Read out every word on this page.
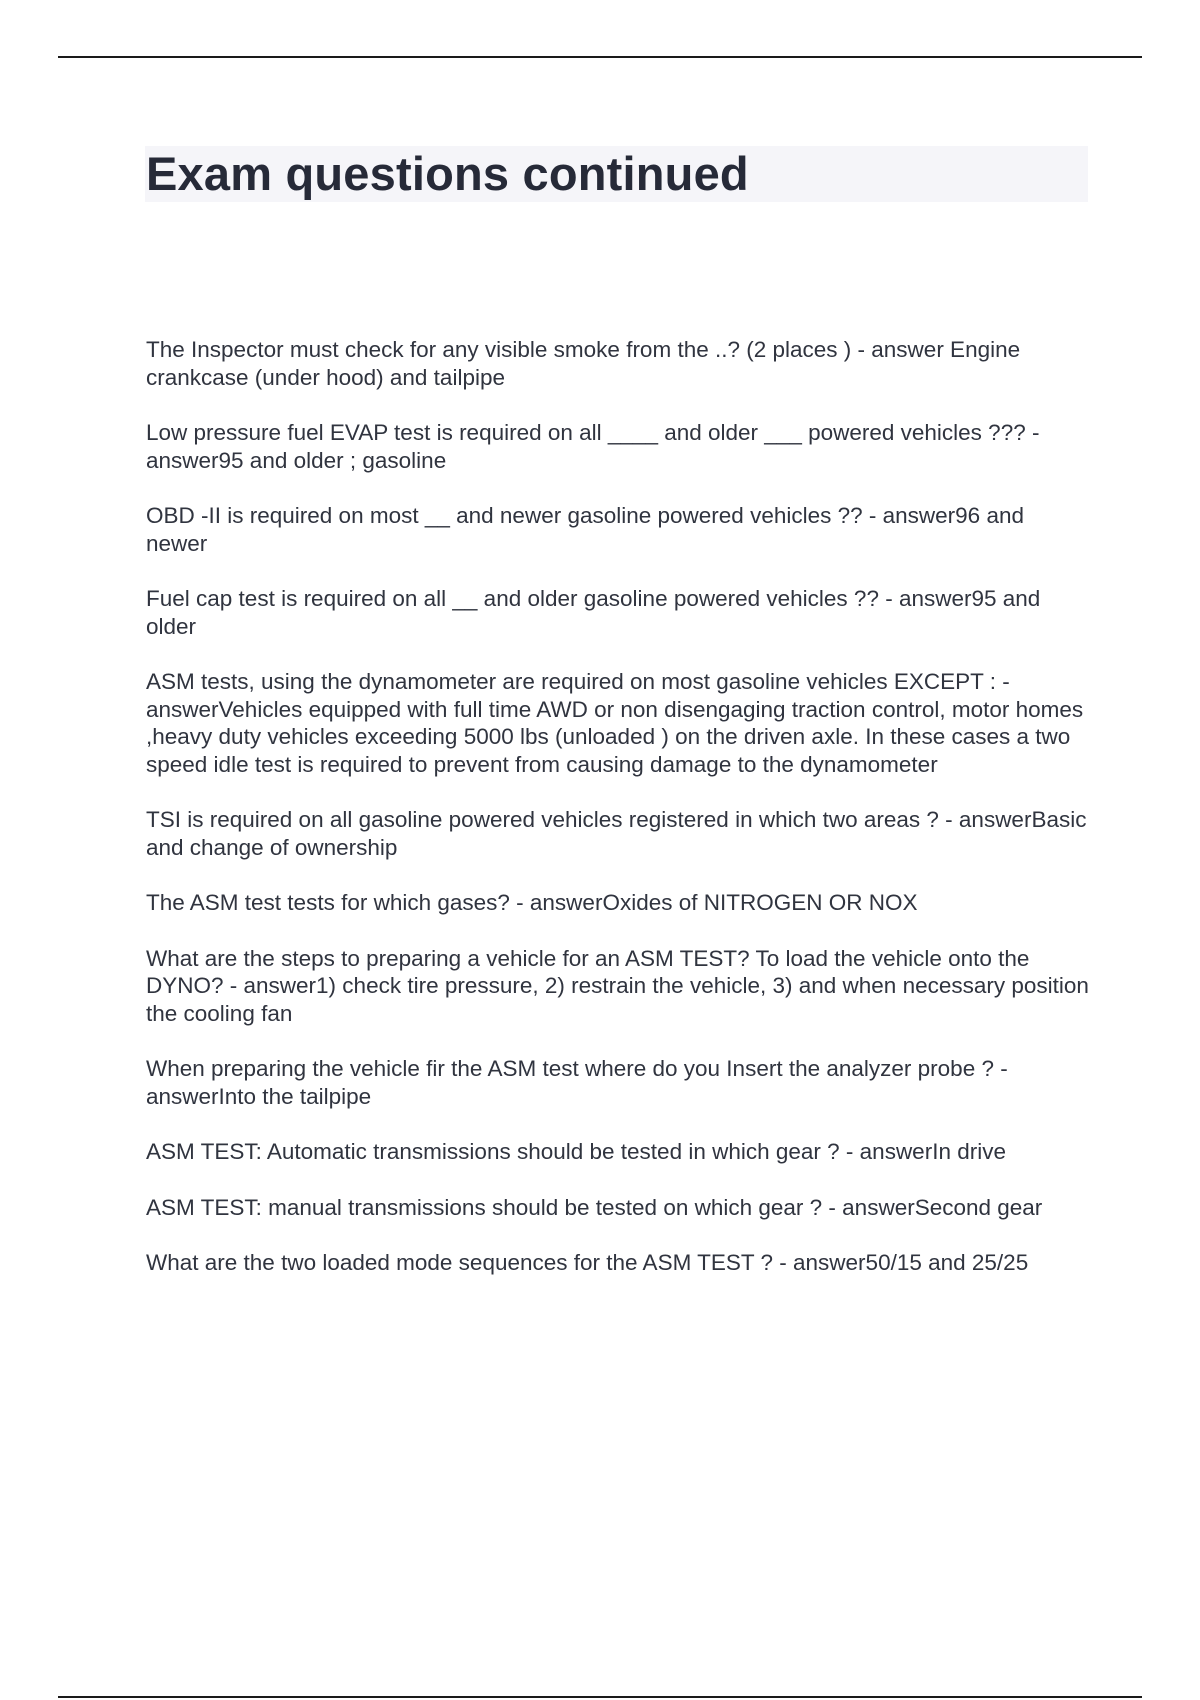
Exam questions continued
The Inspector must check for any visible smoke from the ..? (2 places ) - answer Engine crankcase (under hood) and tailpipe
Low pressure fuel EVAP test is required on all ____ and older ___ powered vehicles ??? - answer95 and older ; gasoline
OBD -II is required on most __ and newer gasoline powered vehicles ?? - answer96 and newer
Fuel cap test is required on all __ and older gasoline powered vehicles ?? - answer95 and older
ASM tests, using the dynamometer are required on most gasoline vehicles EXCEPT : - answerVehicles equipped with full time AWD or non disengaging traction control, motor homes ,heavy duty vehicles exceeding 5000 lbs (unloaded ) on the driven axle. In these cases a two speed idle test is required to prevent from causing damage to the dynamometer
TSI is required on all gasoline powered vehicles registered in which two areas ? - answerBasic and change of ownership
The ASM test tests for which gases? - answerOxides of NITROGEN OR NOX
What are the steps to preparing a vehicle for an ASM TEST? To load the vehicle onto the DYNO? - answer1) check tire pressure, 2) restrain the vehicle, 3) and when necessary position the cooling fan
When preparing the vehicle fir the ASM test where do you Insert the analyzer probe ? - answerInto the tailpipe
ASM TEST: Automatic transmissions should be tested in which gear ? - answerIn drive
ASM TEST: manual transmissions should be tested on which gear ? - answerSecond gear
What are the two loaded mode sequences for the ASM TEST ? - answer50/15 and 25/25
